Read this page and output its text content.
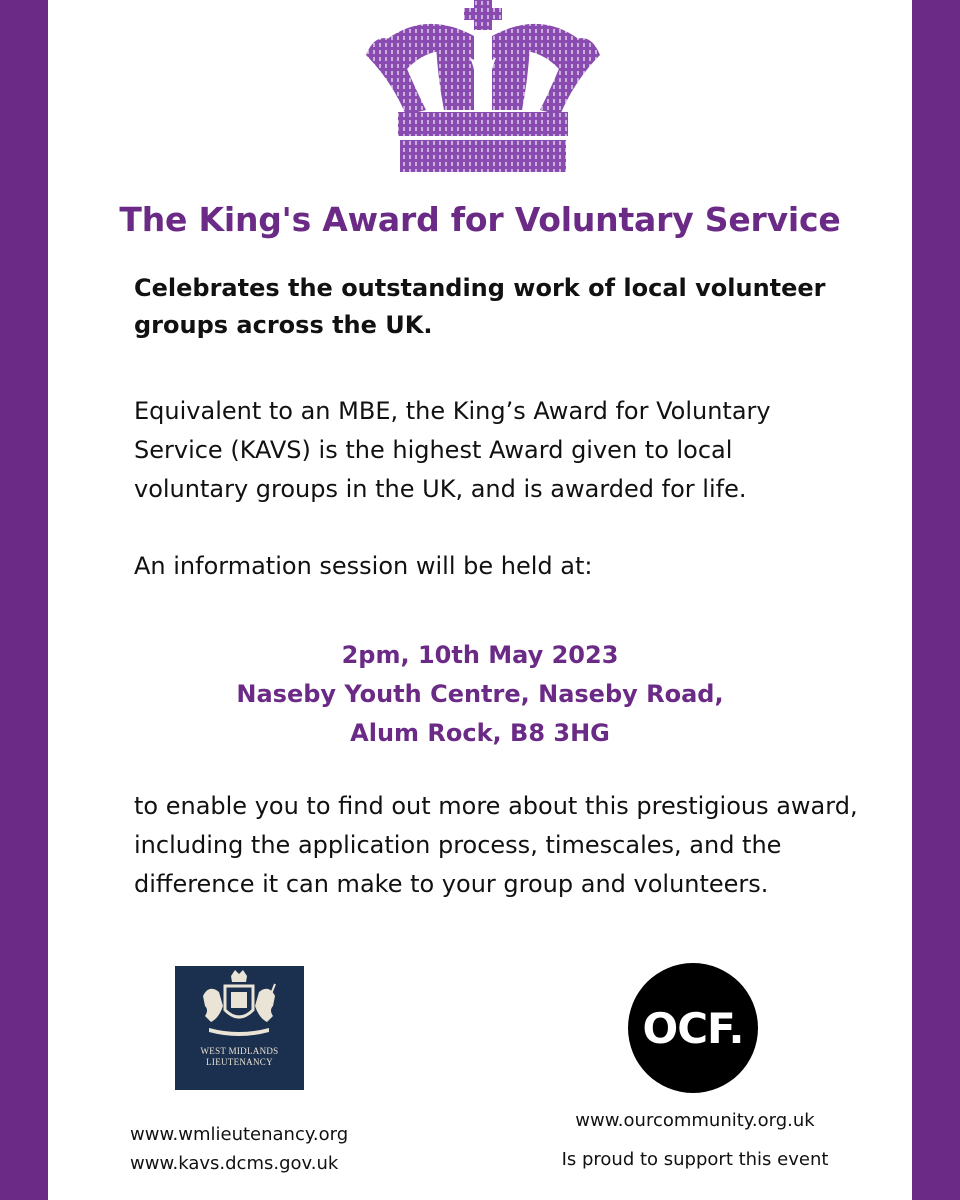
The King's Award for Voluntary Service
Celebrates the outstanding work of local volunteer groups across the UK.
Equivalent to an MBE, the King’s Award for Voluntary Service (KAVS) is the highest Award given to local voluntary groups in the UK, and is awarded for life.
An information session will be held at:
2pm, 10th May 2023
Naseby Youth Centre, Naseby Road,
Alum Rock, B8 3HG
to enable you to find out more about this prestigious award, including the application process, timescales, and the difference it can make to your group and volunteers.
WEST MIDLANDS
LIEUTENANCY
OCF.
www.wmlieutenancy.org
www.kavs.dcms.gov.uk
www.ourcommunity.org.uk
Is proud to support this event
